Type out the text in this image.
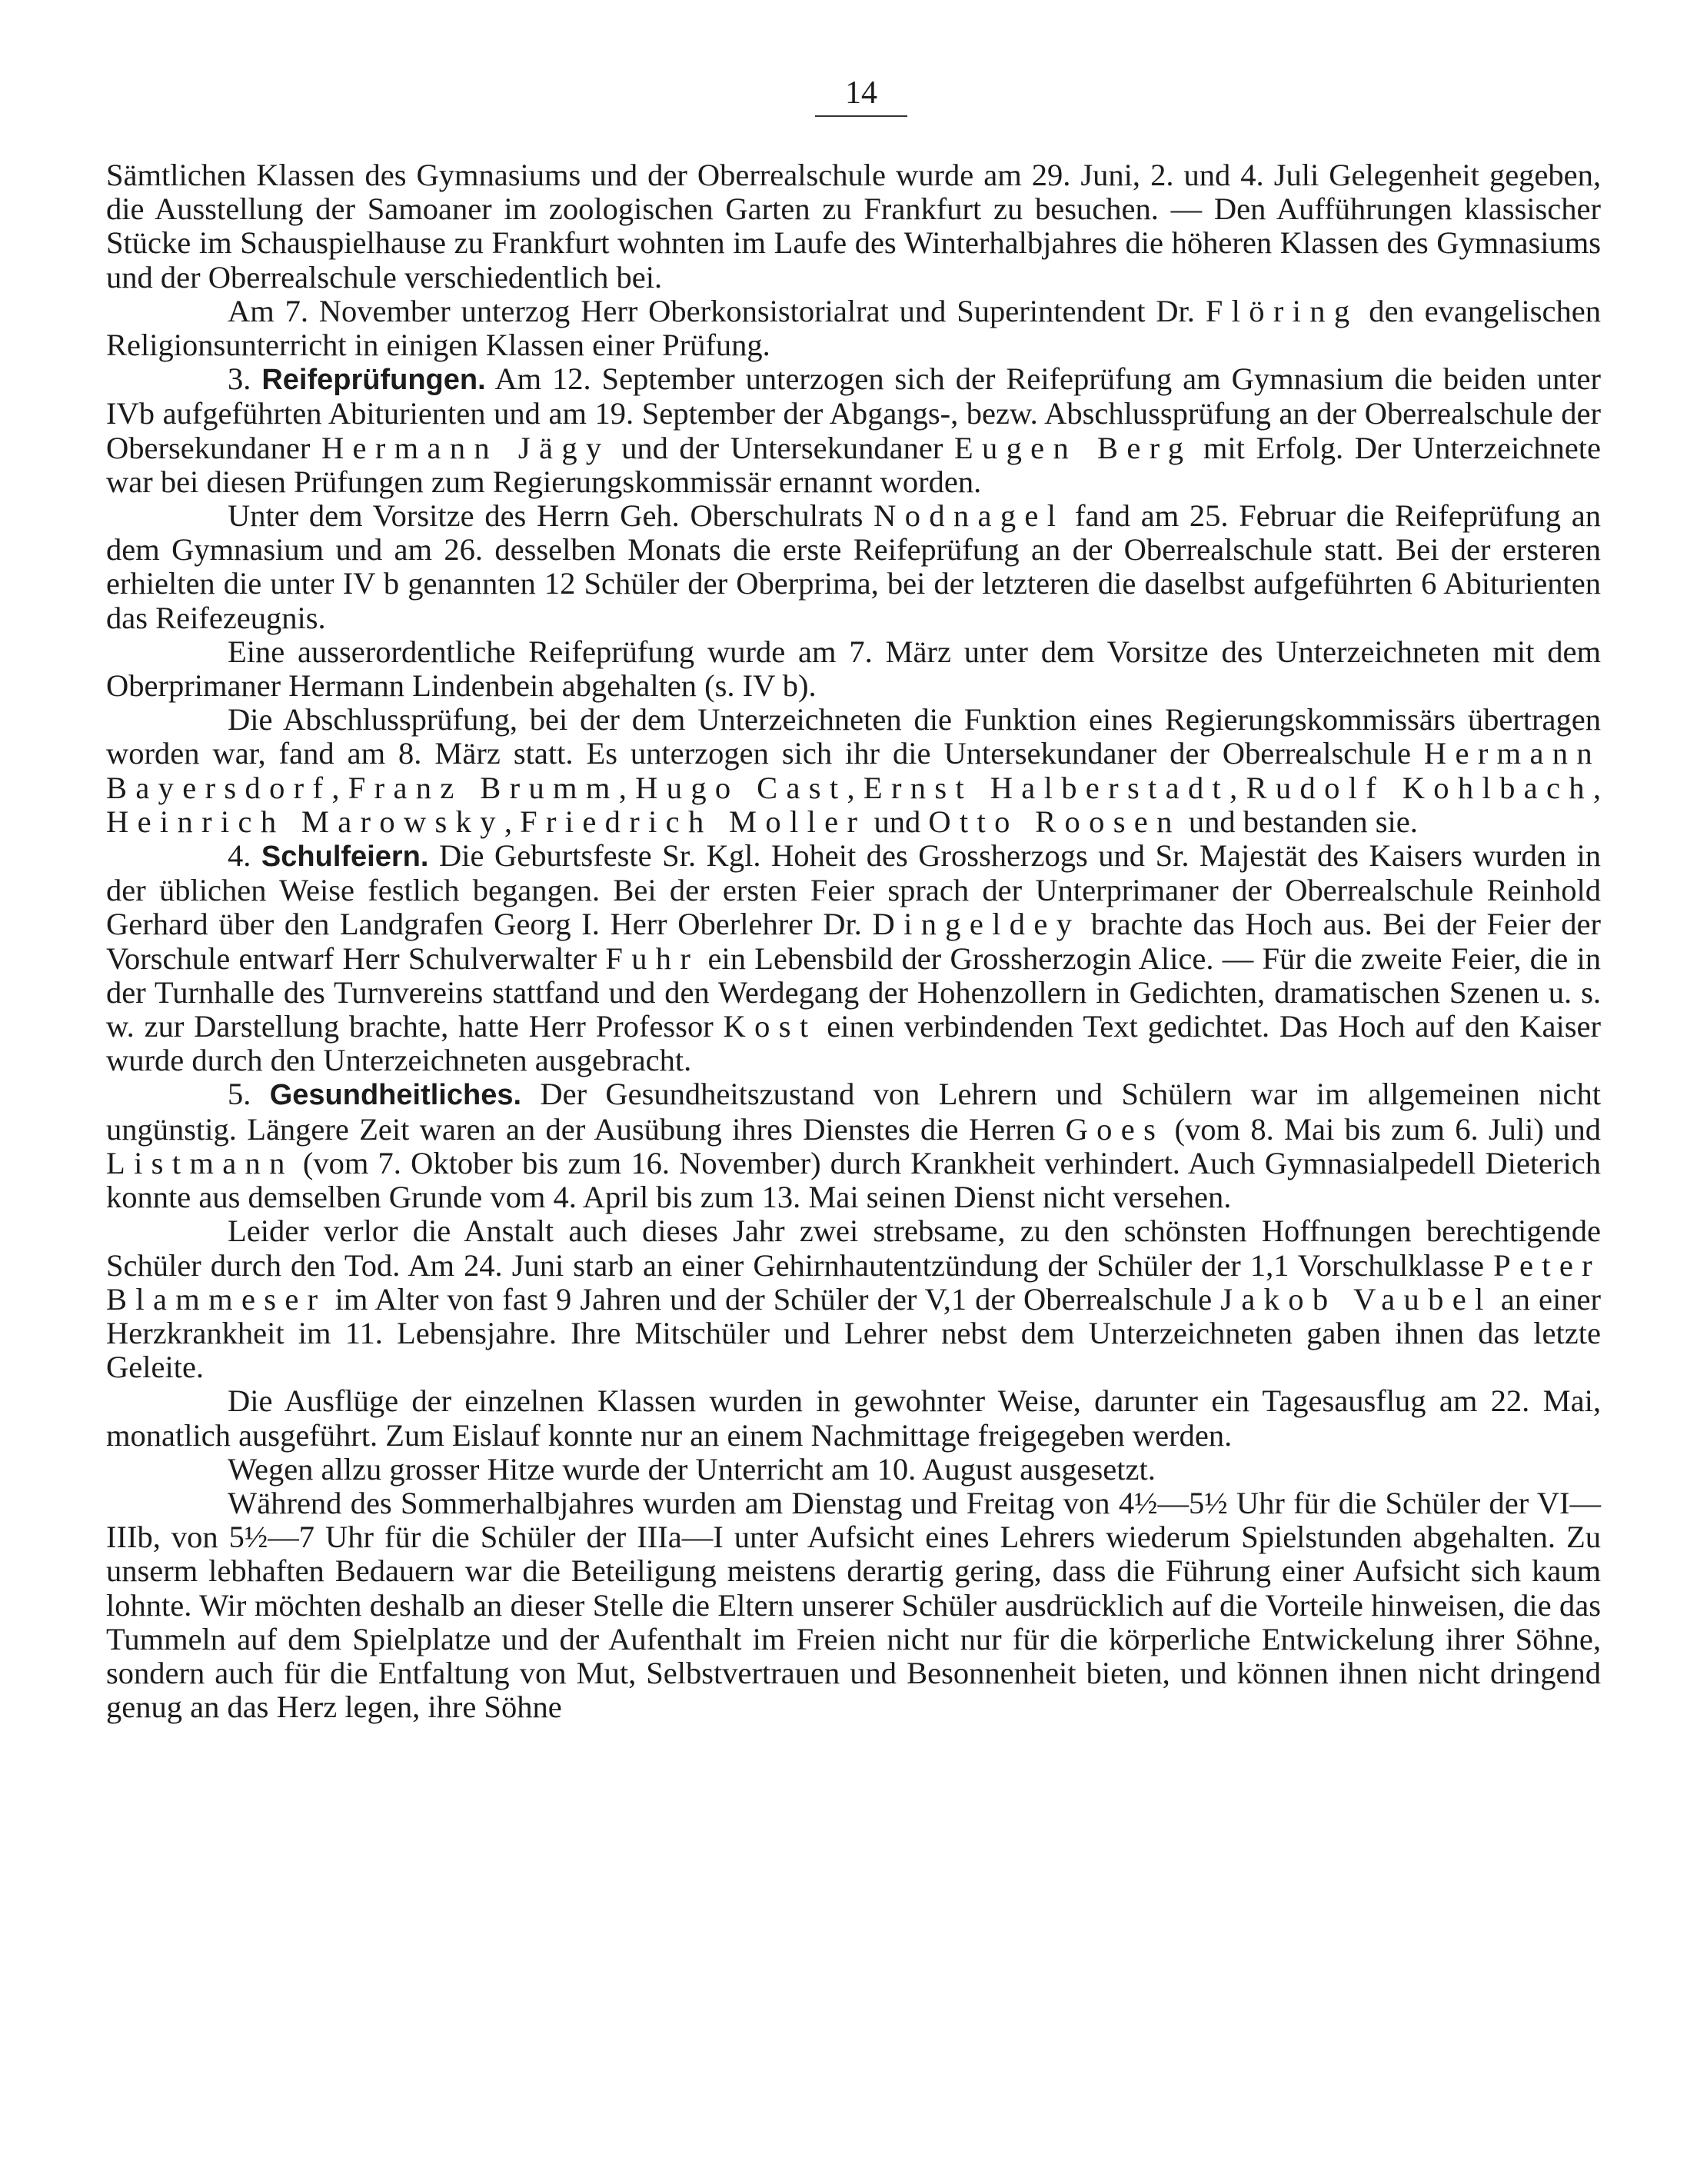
14

Sämtlichen Klassen des Gymnasiums und der Oberrealschule wurde am 29. Juni, 2. und 4. Juli Gelegenheit gegeben, die Ausstellung der Samoaner im zoologischen Garten zu Frankfurt zu besuchen. — Den Aufführungen klassischer Stücke im Schauspielhause zu Frankfurt wohnten im Laufe des Winterhalbjahres die höheren Klassen des Gymnasiums und der Oberrealschule verschiedentlich bei.

Am 7. November unterzog Herr Oberkonsistorialrat und Superintendent Dr. Flöring den evangelischen Religionsunterricht in einigen Klassen einer Prüfung.

3. Reifeprüfungen. Am 12. September unterzogen sich der Reifeprüfung am Gymnasium die beiden unter IVb aufgeführten Abiturienten und am 19. September der Abgangs-, bezw. Abschlussprüfung an der Oberrealschule der Obersekundaner Hermann Jägy und der Untersekundaner Eugen Berg mit Erfolg. Der Unterzeichnete war bei diesen Prüfungen zum Regierungskommissär ernannt worden.

Unter dem Vorsitze des Herrn Geh. Oberschulrats Nodnagel fand am 25. Februar die Reifeprüfung an dem Gymnasium und am 26. desselben Monats die erste Reifeprüfung an der Oberrealschule statt. Bei der ersteren erhielten die unter IV b genannten 12 Schüler der Oberprima, bei der letzteren die daselbst aufgeführten 6 Abiturienten das Reifezeugnis.

Eine ausserordentliche Reifeprüfung wurde am 7. März unter dem Vorsitze des Unterzeichneten mit dem Oberprimaner Hermann Lindenbein abgehalten (s. IV b).

Die Abschlussprüfung, bei der dem Unterzeichneten die Funktion eines Regierungskommissärs übertragen worden war, fand am 8. März statt. Es unterzogen sich ihr die Untersekundaner der Oberrealschule Hermann Bayersdorf, Franz Brumm, Hugo Cast, Ernst Halberstadt, Rudolf Kohlbach, Heinrich Marowsky, Friedrich Moller und Otto Roosen und bestanden sie.

4. Schulfeiern. Die Geburtsfeste Sr. Kgl. Hoheit des Grossherzogs und Sr. Majestät des Kaisers wurden in der üblichen Weise festlich begangen. Bei der ersten Feier sprach der Unterprimaner der Oberrealschule Reinhold Gerhard über den Landgrafen Georg I. Herr Oberlehrer Dr. Dingeldey brachte das Hoch aus. Bei der Feier der Vorschule entwarf Herr Schulverwalter Fuhr ein Lebensbild der Grossherzogin Alice. — Für die zweite Feier, die in der Turnhalle des Turnvereins stattfand und den Werdegang der Hohenzollern in Gedichten, dramatischen Szenen u. s. w. zur Darstellung brachte, hatte Herr Professor Kost einen verbindenden Text gedichtet. Das Hoch auf den Kaiser wurde durch den Unterzeichneten ausgebracht.

5. Gesundheitliches. Der Gesundheitszustand von Lehrern und Schülern war im allgemeinen nicht ungünstig. Längere Zeit waren an der Ausübung ihres Dienstes die Herren Goes (vom 8. Mai bis zum 6. Juli) und Listmann (vom 7. Oktober bis zum 16. November) durch Krankheit verhindert. Auch Gymnasialpedell Dieterich konnte aus demselben Grunde vom 4. April bis zum 13. Mai seinen Dienst nicht versehen.

Leider verlor die Anstalt auch dieses Jahr zwei strebsame, zu den schönsten Hoffnungen berechtigende Schüler durch den Tod. Am 24. Juni starb an einer Gehirnhautentzündung der Schüler der 1,1 Vorschulklasse Peter Blammeser im Alter von fast 9 Jahren und der Schüler der V,1 der Oberrealschule Jakob Vaubel an einer Herzkrankheit im 11. Lebensjahre. Ihre Mitschüler und Lehrer nebst dem Unterzeichneten gaben ihnen das letzte Geleite.

Die Ausflüge der einzelnen Klassen wurden in gewohnter Weise, darunter ein Tagesausflug am 22. Mai, monatlich ausgeführt. Zum Eislauf konnte nur an einem Nachmittage freigegeben werden.

Wegen allzu grosser Hitze wurde der Unterricht am 10. August ausgesetzt.

Während des Sommerhalbjahres wurden am Dienstag und Freitag von 4½—5½ Uhr für die Schüler der VI—IIIb, von 5½—7 Uhr für die Schüler der IIIa—I unter Aufsicht eines Lehrers wiederum Spielstunden abgehalten. Zu unserm lebhaften Bedauern war die Beteiligung meistens derartig gering, dass die Führung einer Aufsicht sich kaum lohnte. Wir möchten deshalb an dieser Stelle die Eltern unserer Schüler ausdrücklich auf die Vorteile hinweisen, die das Tummeln auf dem Spielplatze und der Aufenthalt im Freien nicht nur für die körperliche Entwickelung ihrer Söhne, sondern auch für die Entfaltung von Mut, Selbstvertrauen und Besonnenheit bieten, und können ihnen nicht dringend genug an das Herz legen, ihre Söhne
